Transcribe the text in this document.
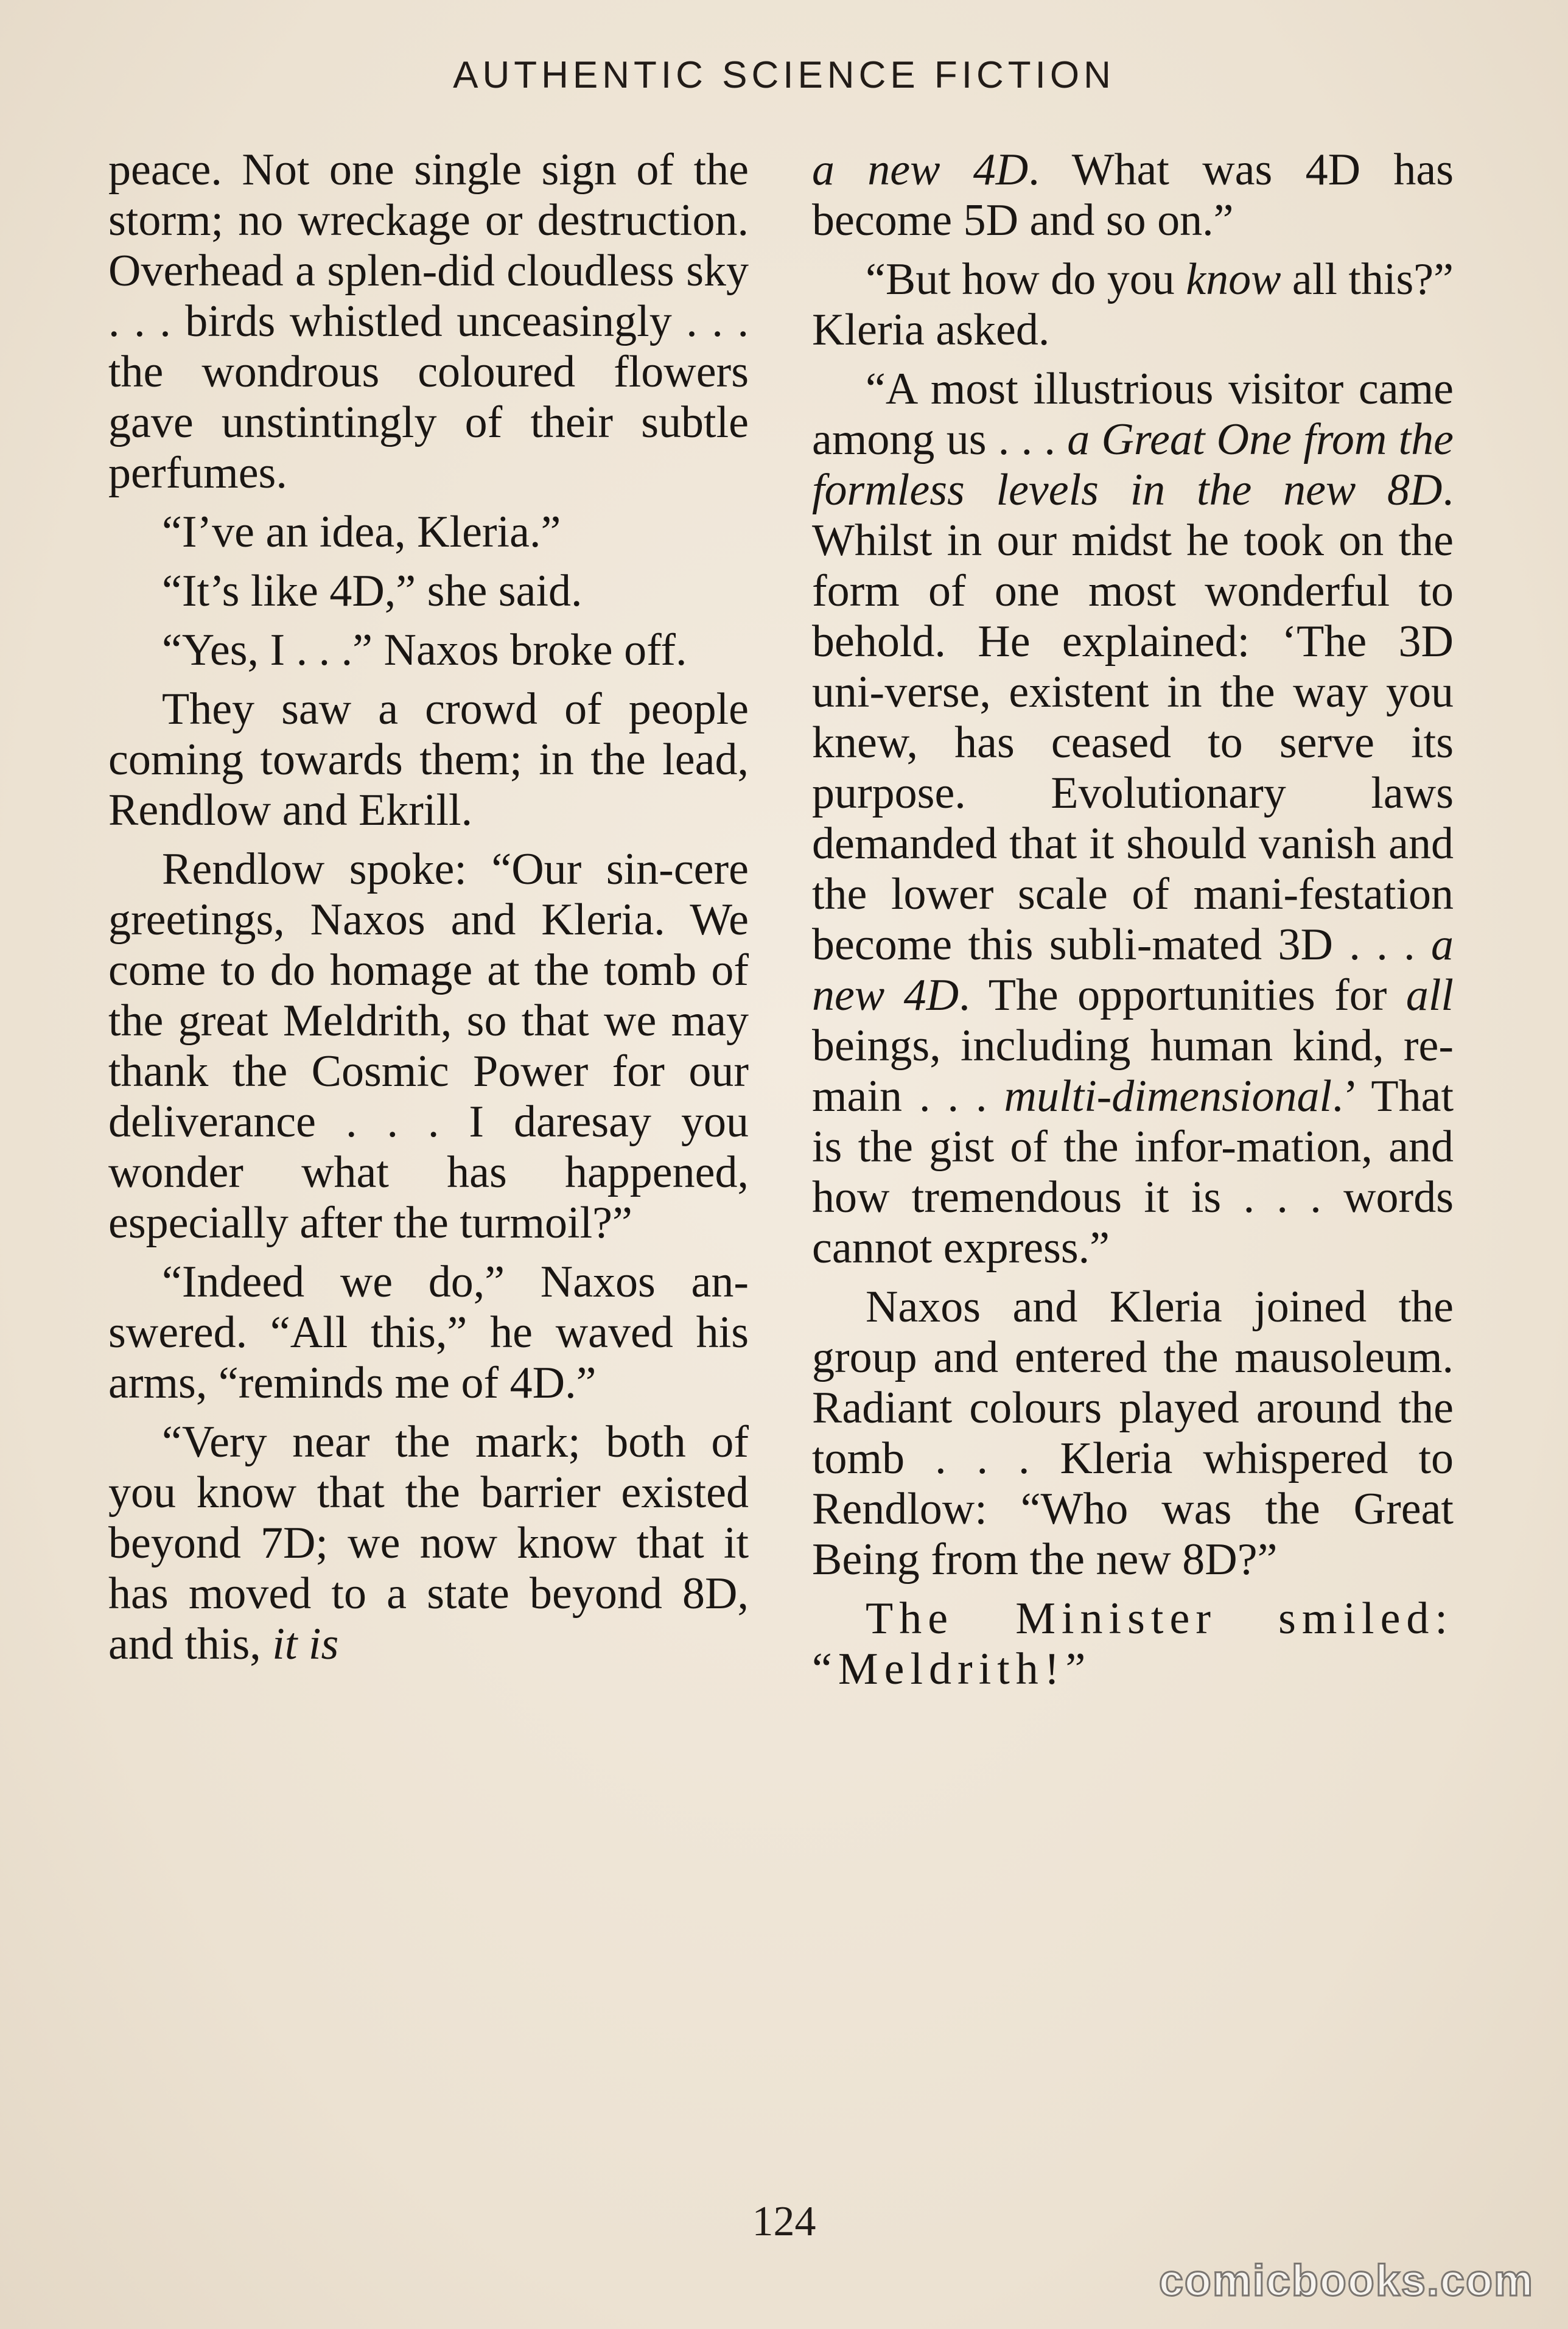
AUTHENTIC SCIENCE FICTION

peace. Not one single sign of the storm; no wreckage or destruction. Overhead a splen-did cloudless sky . . . birds whistled unceasingly . . . the wondrous coloured flowers gave unstintingly of their subtle perfumes.

“I’ve an idea, Kleria.”

“It’s like 4D,” she said.

“Yes, I . . .” Naxos broke off.

They saw a crowd of people coming towards them; in the lead, Rendlow and Ekrill.

Rendlow spoke: “Our sin-cere greetings, Naxos and Kleria. We come to do homage at the tomb of the great Meldrith, so that we may thank the Cosmic Power for our deliverance . . . I daresay you wonder what has happened, especially after the turmoil?”

“Indeed we do,” Naxos an-swered. “All this,” he waved his arms, “reminds me of 4D.”

“Very near the mark; both of you know that the barrier existed beyond 7D; we now know that it has moved to a state beyond 8D, and this, it is

a new 4D. What was 4D has become 5D and so on.”

“But how do you know all this?” Kleria asked.

“A most illustrious visitor came among us . . . a Great One from the formless levels in the new 8D. Whilst in our midst he took on the form of one most wonderful to behold. He explained: ‘The 3D uni-verse, existent in the way you knew, has ceased to serve its purpose. Evolutionary laws demanded that it should vanish and the lower scale of mani-festation become this subli-mated 3D . . . a new 4D. The opportunities for all beings, including human kind, re-main . . . multi-dimensional.’ That is the gist of the infor-mation, and how tremendous it is . . . words cannot express.”

Naxos and Kleria joined the group and entered the mausoleum. Radiant colours played around the tomb . . . Kleria whispered to Rendlow: “Who was the Great Being from the new 8D?”

The Minister smiled: “Meldrith!”

124
comicbooks.com
